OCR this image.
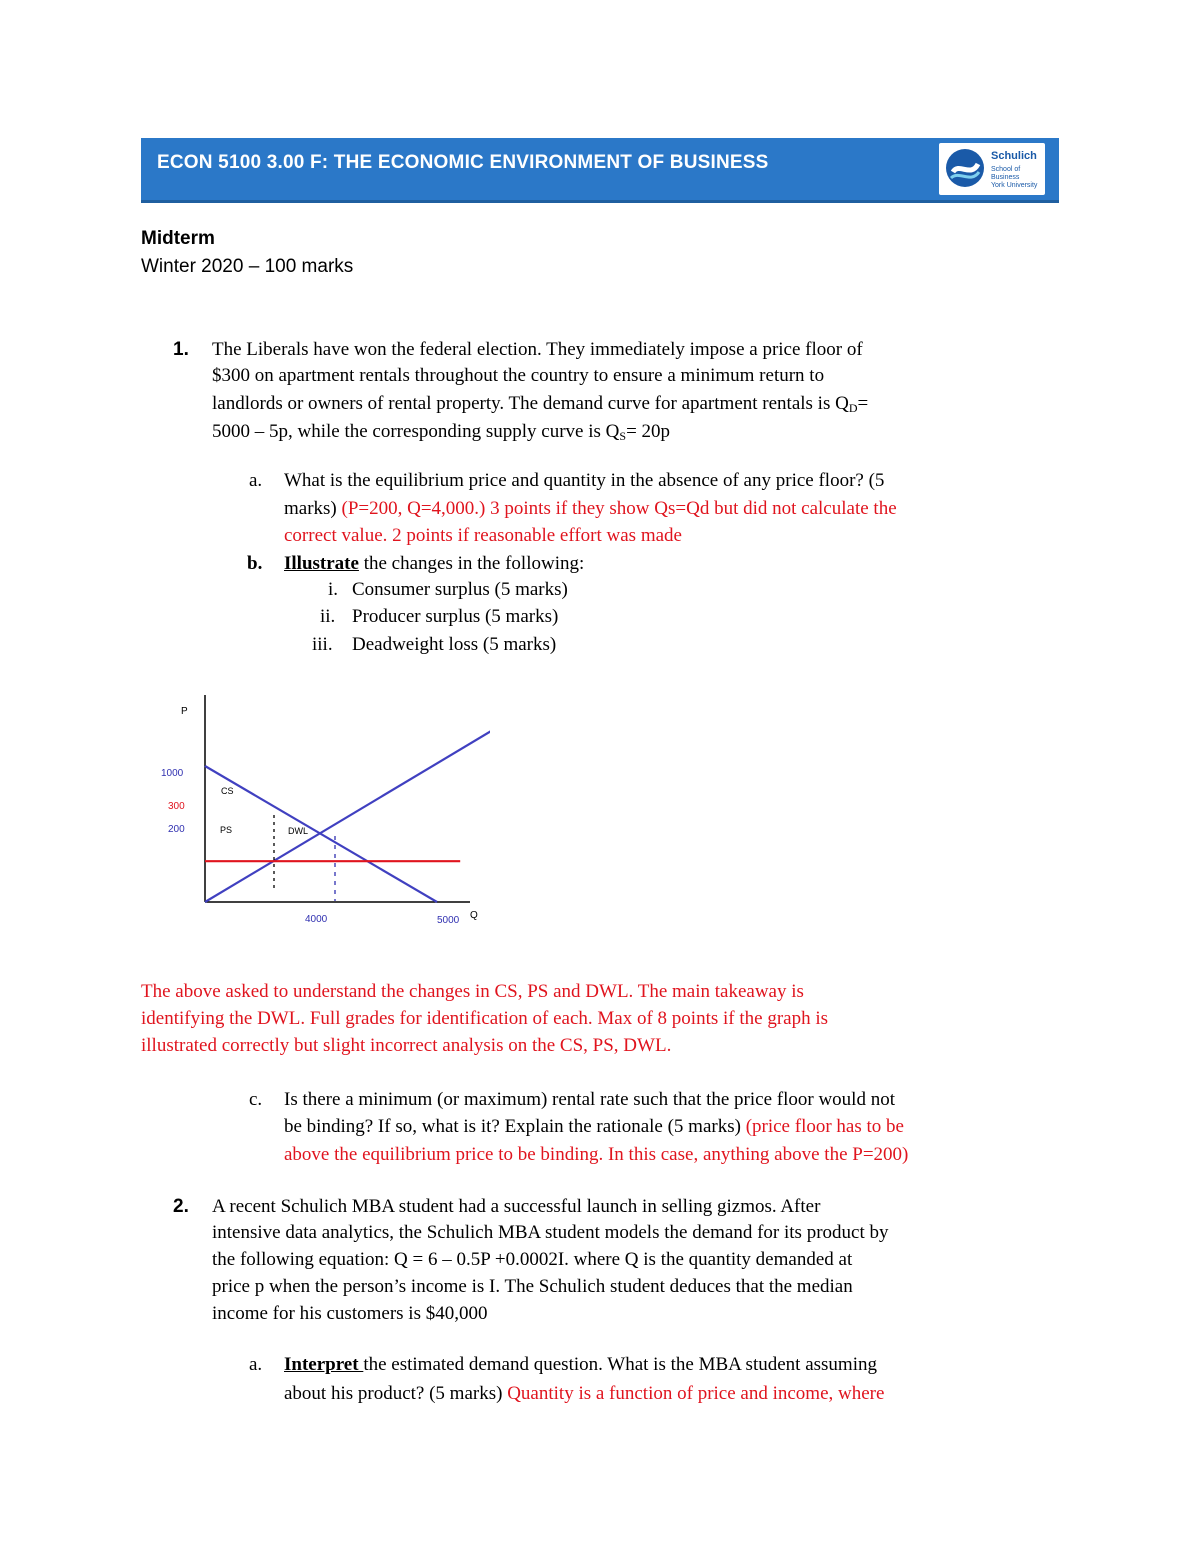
ECON 5100 3.00 F: THE ECONOMIC ENVIRONMENT OF BUSINESS	Schulich
School of Business
York University
Midterm
Winter 2020 – 100 marks
1. The Liberals have won the federal election. They immediately impose a price floor of
$300 on apartment rentals throughout the country to ensure a minimum return to
landlords or owners of rental property. The demand curve for apartment rentals is $Q_D=$
5000 – 5p, while the corresponding supply curve is $Q_S= 20p$
a. What is the equilibrium price and quantity in the absence of any price floor? (5
marks) (P=200, Q=4,000.) 3 points if they show Qs=Qd but did not calculate the
correct value. 2 points if reasonable effort was made
b. Illustrate the changes in the following:
i. Consumer surplus (5 marks)
ii. Producer surplus (5 marks)
iii. Deadweight loss (5 marks)
P
1000
300
200
4000	5000 Q
CS
PS	DWL
The above asked to understand the changes in CS, PS and DWL. The main takeaway is
identifying the DWL. Full grades for identification of each. Max of 8 points if the graph is
illustrated correctly but slight incorrect analysis on the CS, PS, DWL.
c. Is there a minimum (or maximum) rental rate such that the price floor would not
be binding? If so, what is it? Explain the rationale (5 marks) (price floor has to be
above the equilibrium price to be binding. In this case, anything above the P=200)
2. A recent Schulich MBA student had a successful launch in selling gizmos. After
intensive data analytics, the Schulich MBA student models the demand for its product by
the following equation: Q = 6 – 0.5P +0.0002I. where Q is the quantity demanded at
price p when the person’s income is I. The Schulich student deduces that the median
income for his customers is $40,000
a. Interpret the estimated demand question. What is the MBA student assuming
about his product? (5 marks) Quantity is a function of price and income, where
